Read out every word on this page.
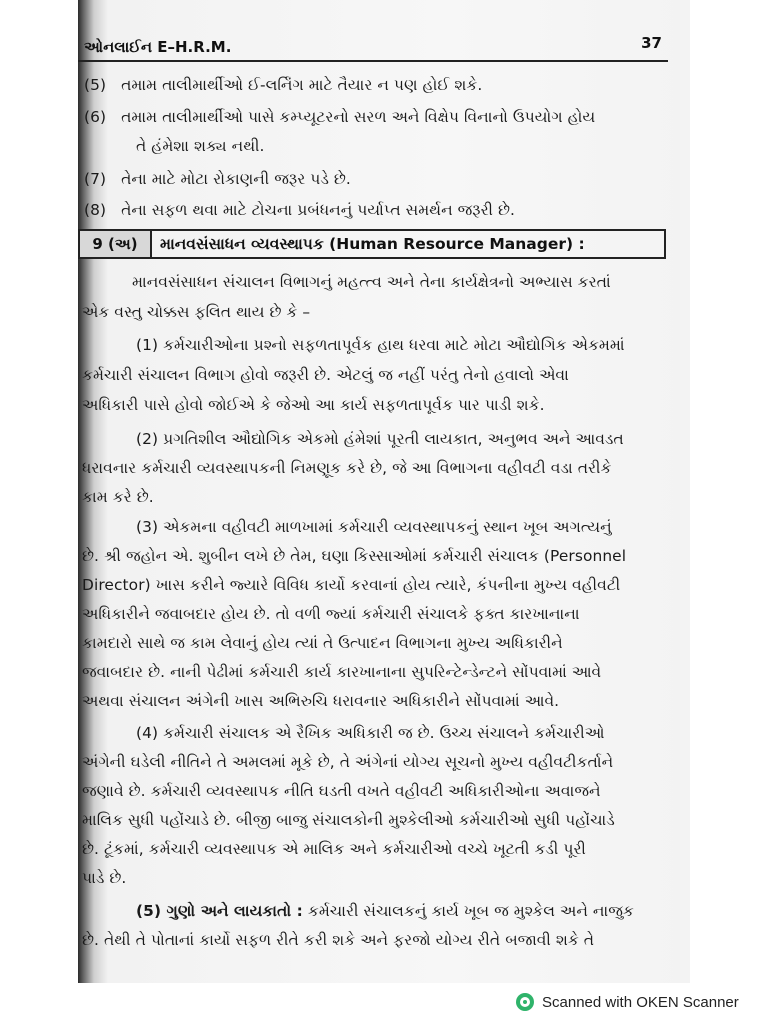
ઓનલાઈન E–H.R.M.	37
(5) તમામ તાલીમાર્થીઓ ઈ-લર્નિંગ માટે તૈયાર ન પણ હોઈ શકે.
(6) તમામ તાલીમાર્થીઓ પાસે કમ્પ્યૂટરનો સરળ અને વિક્ષેપ વિનાનો ઉપયોગ હોય
તે હંમેશા શક્ય નથી.
(7) તેના માટે મોટા રોકાણની જરૂર પડે છે.
(8) તેના સફળ થવા માટે ટોચના પ્રબંધનનું પર્યાપ્ત સમર્થન જરૂરી છે.
9 (અ)	માનવસંસાધન વ્યવસ્થાપક (Human Resource Manager) :
માનવસંસાધન સંચાલન વિભાગનું મહત્ત્વ અને તેના કાર્યક્ષેત્રનો અભ્યાસ કરતાં
એક વસ્તુ ચોક્કસ ફલિત થાય છે કે –
(1) કર્મચારીઓના પ્રશ્નો સફળતાપૂર્વક હાથ ધરવા માટે મોટા ઔદ્યોગિક એકમમાં
કર્મચારી સંચાલન વિભાગ હોવો જરૂરી છે. એટલું જ નહીં પરંતુ તેનો હવાલો એવા
અધિકારી પાસે હોવો જોઈએ કે જેઓ આ કાર્ય સફળતાપૂર્વક પાર પાડી શકે.
(2) પ્રગતિશીલ ઔદ્યોગિક એકમો હંમેશાં પૂરતી લાયકાત, અનુભવ અને આવડત
ધરાવનાર કર્મચારી વ્યવસ્થાપકની નિમણૂક કરે છે, જે આ વિભાગના વહીવટી વડા તરીકે
કામ કરે છે.
(3) એકમના વહીવટી માળખામાં કર્મચારી વ્યવસ્થાપકનું સ્થાન ખૂબ અગત્યનું
છે. શ્રી જહોન એ. શુબીન લખે છે તેમ, ઘણા કિસ્સાઓમાં કર્મચારી સંચાલક (Personnel
Director) ખાસ કરીને જ્યારે વિવિધ કાર્યો કરવાનાં હોય ત્યારે, કંપનીના મુખ્ય વહીવટી
અધિકારીને જવાબદાર હોય છે. તો વળી જ્યાં કર્મચારી સંચાલકે ફક્ત કારખાનાના
કામદારો સાથે જ કામ લેવાનું હોય ત્યાં તે ઉત્પાદન વિભાગના મુખ્ય અધિકારીને
જવાબદાર છે. નાની પેઢીમાં કર્મચારી કાર્ય કારખાનાના સુપરિન્ટેન્ડેન્ટને સોંપવામાં આવે
અથવા સંચાલન અંગેની ખાસ અભિરુચિ ધરાવનાર અધિકારીને સોંપવામાં આવે.
(4) કર્મચારી સંચાલક એ રૈખિક અધિકારી જ છે. ઉચ્ચ સંચાલને કર્મચારીઓ
અંગેની ઘડેલી નીતિને તે અમલમાં મૂકે છે, તે અંગેનાં યોગ્ય સૂચનો મુખ્ય વહીવટીકર્તાને
જણાવે છે. કર્મચારી વ્યવસ્થાપક નીતિ ઘડતી વખતે વહીવટી અધિકારીઓના અવાજને
માલિક સુધી પહોંચાડે છે. બીજી બાજુ સંચાલકોની મુશ્કેલીઓ કર્મચારીઓ સુધી પહોંચાડે
છે. ટૂંકમાં, કર્મચારી વ્યવસ્થાપક એ માલિક અને કર્મચારીઓ વચ્ચે ખૂટતી કડી પૂરી
પાડે છે.
(5) ગુણો અને લાયકાતો : કર્મચારી સંચાલકનું કાર્ય ખૂબ જ મુશ્કેલ અને નાજુક
છે. તેથી તે પોતાનાં કાર્યો સફળ રીતે કરી શકે અને ફરજો યોગ્ય રીતે બજાવી શકે તે
Scanned with OKEN Scanner
